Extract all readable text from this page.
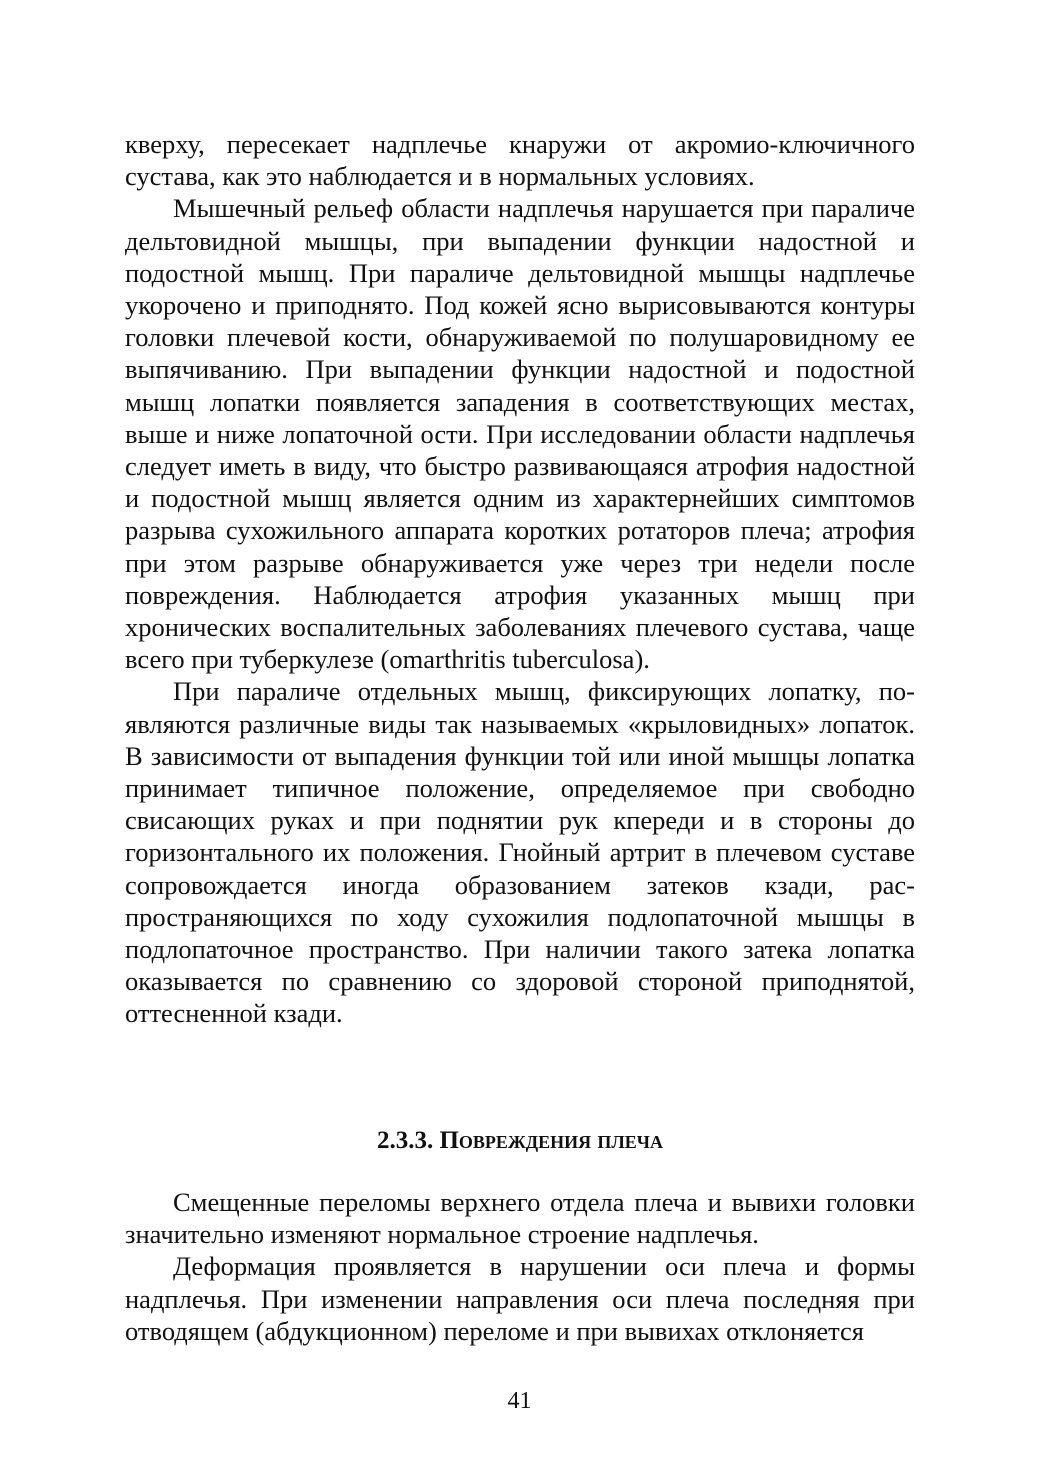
кверху, пересекает надплечье кнаружи от акромио-ключичного сустава, как это наблюдается и в нормальных условиях.

Мышечный рельеф области надплечья нарушается при параличе дельтовидной мышцы, при выпадении функции надостной и подостной мышц. При параличе дельтовидной мышцы надплечье укорочено и приподнято. Под кожей ясно вырисовываются контуры головки плечевой кости, обнаруживаемой по полушаровидному ее выпячиванию. При выпадении функции надостной и подостной мышц лопатки появляется западения в соответствующих местах, выше и ниже лопаточной ости. При исследовании области надплечья следует иметь в виду, что быстро развивающаяся атрофия надостной и подостной мышц является одним из характернейших симптомов разрыва сухожильного аппарата коротких ротаторов плеча; атрофия при этом разрыве обнаруживается уже через три недели после повреждения. Наблюдается атрофия указанных мышц при хронических воспалительных заболеваниях плечевого сустава, чаще всего при туберкулезе (omarthritis tuberculosa).

При параличе отдельных мышц, фиксирующих лопатку, появляются различные виды так называемых «крыловидных» лопаток. В зависимости от выпадения функции той или иной мышцы лопатка принимает типичное положение, определяемое при свободно свисающих руках и при поднятии рук кпереди и в стороны до горизонтального их положения. Гнойный артрит в плечевом суставе сопровождается иногда образованием затеков кзади, распространяющихся по ходу сухожилия подлопаточной мышцы в подлопаточное пространство. При наличии такого затека лопатка оказывается по сравнению со здоровой стороной приподнятой, оттесненной кзади.

2.3.3. Повреждения плеча

Смещенные переломы верхнего отдела плеча и вывихи головки значительно изменяют нормальное строение надплечья.

Деформация проявляется в нарушении оси плеча и формы надплечья. При изменении направления оси плеча последняя при отводящем (абдукционном) переломе и при вывихах отклоняется

41
